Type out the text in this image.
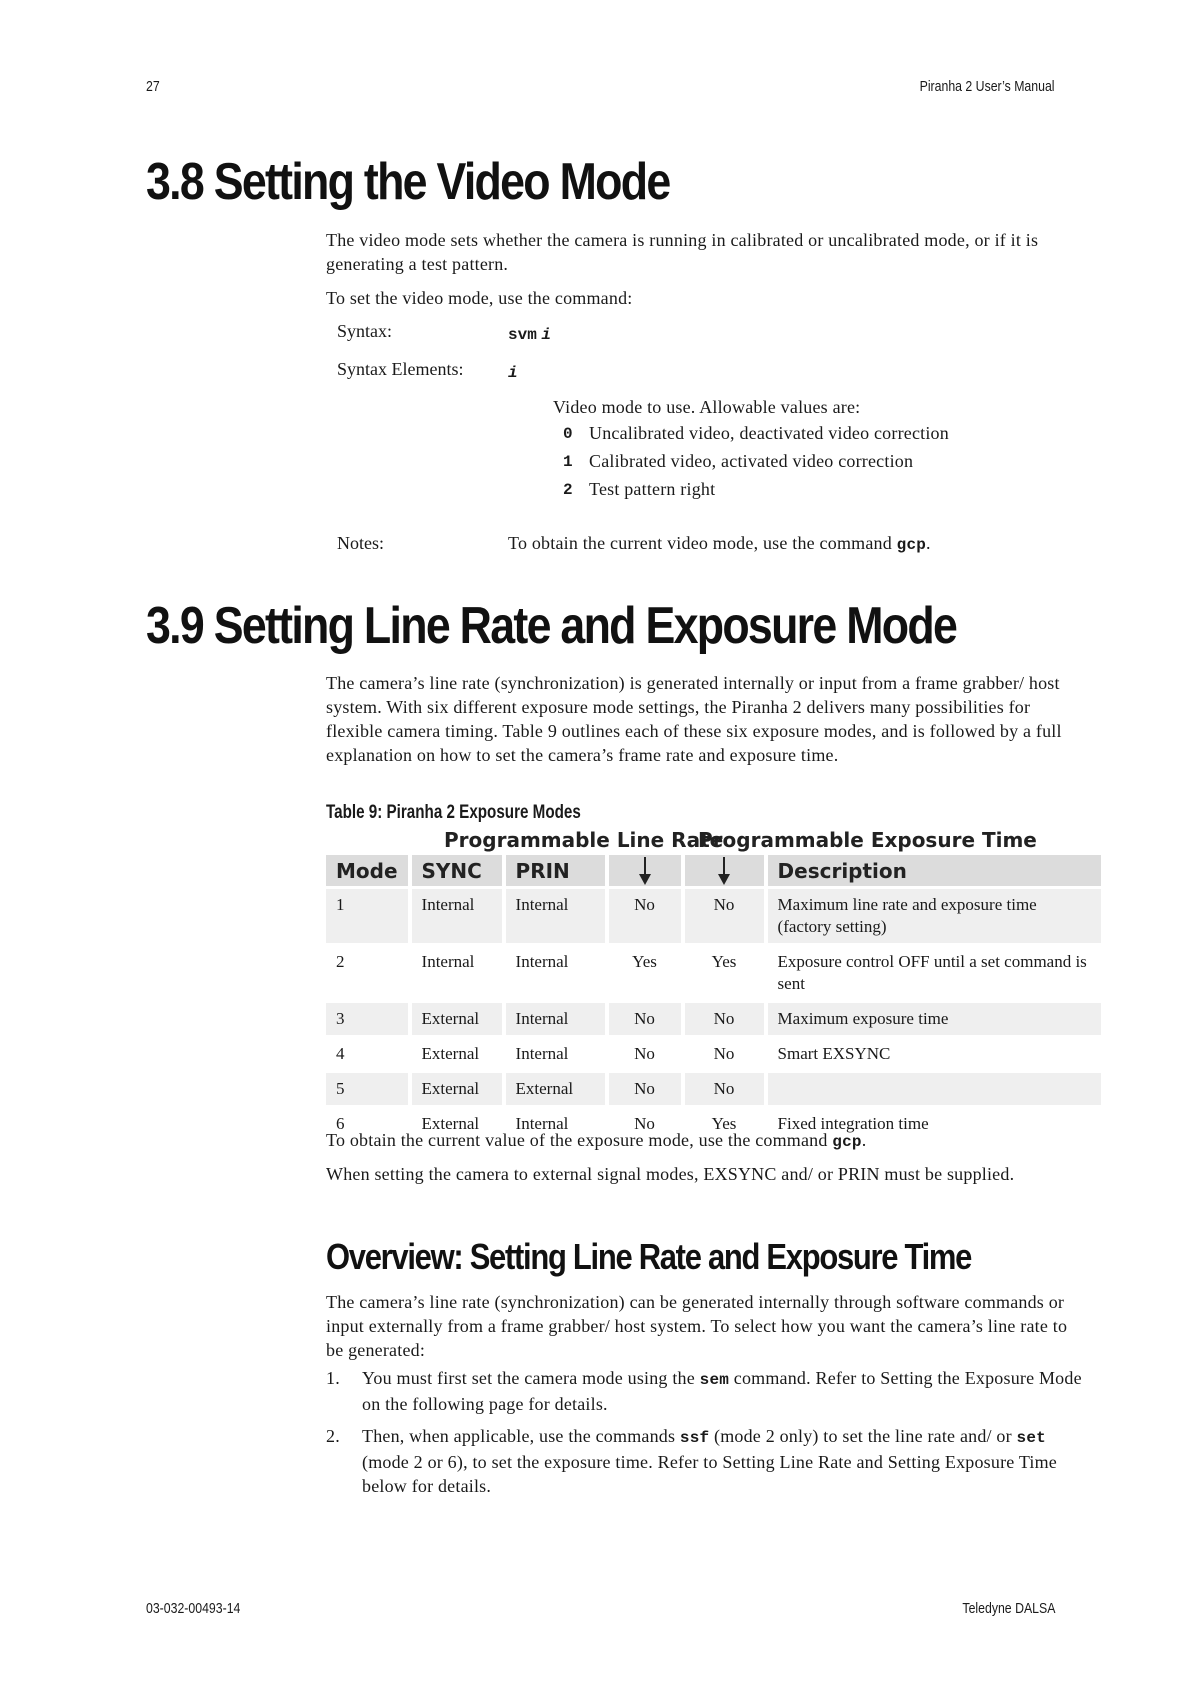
27	Piranha 2 User’s Manual
3.8 Setting the Video Mode

The video mode sets whether the camera is running in calibrated or uncalibrated mode, or if it is generating a test pattern.

To set the video mode, use the command:

Syntax:	svm i
Syntax Elements:	i
Video mode to use. Allowable values are:
0 Uncalibrated video, deactivated video correction
1 Calibrated video, activated video correction
2 Test pattern right
Notes:	To obtain the current video mode, use the command gcp.
3.9 Setting Line Rate and Exposure Mode

The camera’s line rate (synchronization) is generated internally or input from a frame grabber/ host system. With six different exposure mode settings, the Piranha 2 delivers many possibilities for flexible camera timing. Table 9 outlines each of these six exposure modes, and is followed by a full explanation on how to set the camera’s frame rate and exposure time.

Table 9: Piranha 2 Exposure Modes
Programmable Line Rate
Programmable Exposure Time
Mode	SYNC	PRIN			Description
1	Internal	Internal	No	No	Maximum line rate and exposure time (factory setting)
2	Internal	Internal	Yes	Yes	Exposure control OFF until a set command is sent
3	External	Internal	No	No	Maximum exposure time
4	External	Internal	No	No	Smart EXSYNC
5	External	External	No	No	
6	External	Internal	No	Yes	Fixed integration time

To obtain the current value of the exposure mode, use the command gcp.

When setting the camera to external signal modes, EXSYNC and/ or PRIN must be supplied.

Overview: Setting Line Rate and Exposure Time

The camera’s line rate (synchronization) can be generated internally through software commands or input externally from a frame grabber/ host system. To select how you want the camera’s line rate to be generated:

1. You must first set the camera mode using the sem command. Refer to Setting the Exposure Mode on the following page for details.
2. Then, when applicable, use the commands ssf (mode 2 only) to set the line rate and/ or set (mode 2 or 6), to set the exposure time. Refer to Setting Line Rate and Setting Exposure Time below for details.
03-032-00493-14	Teledyne DALSA
